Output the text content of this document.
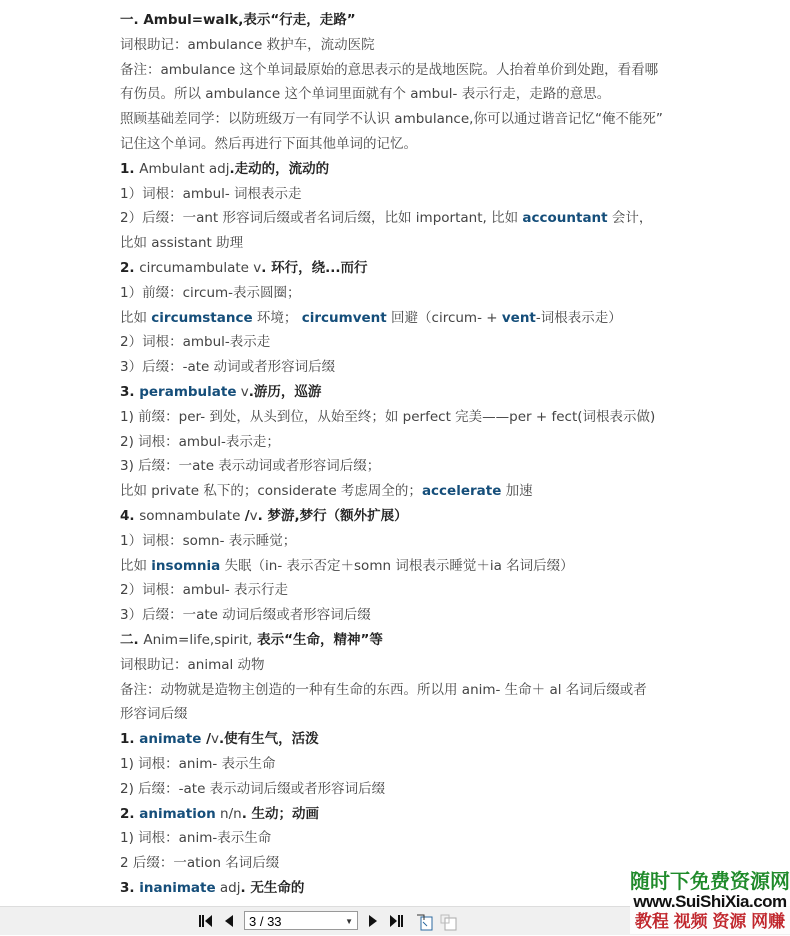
一. Ambul=walk,表示“行走，走路”
词根助记：ambulance 救护车，流动医院
备注：ambulance 这个单词最原始的意思表示的是战地医院。人抬着单价到处跑，看看哪
有伤员。所以 ambulance 这个单词里面就有个 ambul- 表示行走，走路的意思。
照顾基础差同学：以防班级万一有同学不认识 ambulance,你可以通过谐音记忆“俺不能死”
记住这个单词。然后再进行下面其他单词的记忆。
1. Ambulant adj.走动的，流动的
1）词根：ambul- 词根表示走
2）后缀：一ant 形容词后缀或者名词后缀，比如 important, 比如 accountant 会计，
比如 assistant 助理
2. circumambulate v. 环行，绕...而行
1）前缀：circum-表示圆圈；
比如 circumstance 环境； circumvent 回避（circum- + vent-词根表示走）
2）词根：ambul-表示走
3）后缀：-ate 动词或者形容词后缀
3. perambulate v.游历，巡游
1) 前缀：per- 到处，从头到位，从始至终；如 perfect 完美——per + fect(词根表示做)
2) 词根：ambul-表示走；
3) 后缀：一ate 表示动词或者形容词后缀；
比如 private 私下的；considerate 考虑周全的；accelerate 加速
4. somnambulate /v. 梦游,梦行（额外扩展）
1）词根：somn- 表示睡觉；
比如 insomnia 失眠（in- 表示否定＋somn 词根表示睡觉＋ia 名词后缀）
2）词根：ambul- 表示行走
3）后缀：一ate 动词后缀或者形容词后缀
二. Anim=life,spirit, 表示“生命，精神”等
词根助记：animal 动物
备注：动物就是造物主创造的一种有生命的东西。所以用 anim- 生命＋ al 名词后缀或者
形容词后缀
1. animate /v.使有生气，活泼
1) 词根：anim- 表示生命
2) 后缀：-ate 表示动词后缀或者形容词后缀
2. animation n/n. 生动；动画
1) 词根：anim-表示生命
2 后缀：一ation 名词后缀
3. inanimate adj. 无生命的
3 / 33	▼
随时下免费资源网
www.SuiShiXia.com
教程 视频 资源 网赚
